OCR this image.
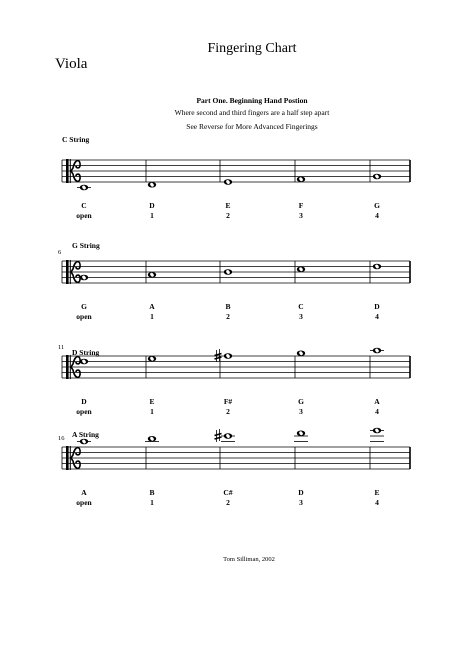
Viola
Fingering Chart
Part One. Beginning Hand Postion
Where second and third fingers are a half step apart
See Reverse for More Advanced Fingerings
C String
C
open
D
1
E
2
F
3
G
4
G String
6
G
open
A
1
B
2
C
3
D
4
D String
11
D
open
E
1
F#
2
G
3
A
4
A String
16
A
open
B
1
C#
2
D
3
E
4
Tom Silliman, 2002
